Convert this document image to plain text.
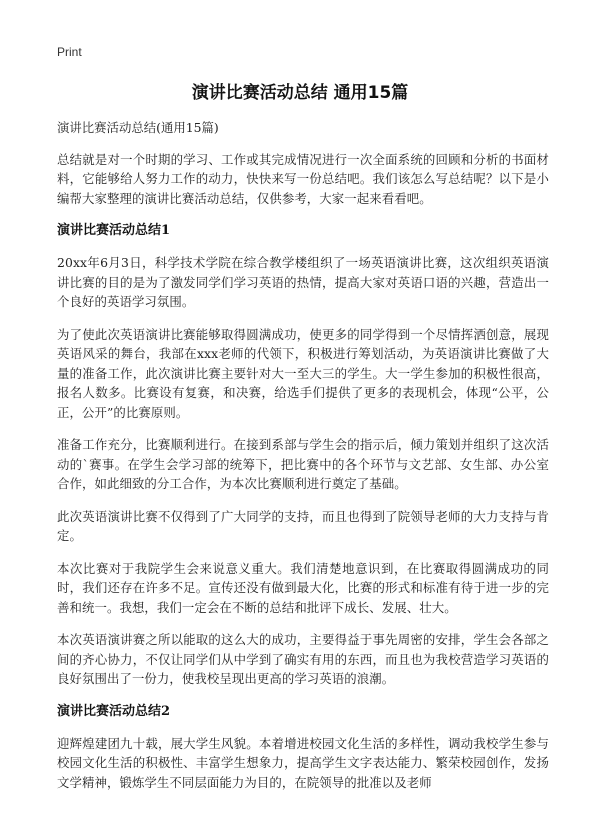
Print
演讲比赛活动总结 通用15篇

演讲比赛活动总结(通用15篇)

总结就是对一个时期的学习、工作或其完成情况进行一次全面系统的回顾和分析的书面材料，它能够给人努力工作的动力，快快来写一份总结吧。我们该怎么写总结呢？以下是小编帮大家整理的演讲比赛活动总结，仅供参考，大家一起来看看吧。

演讲比赛活动总结1

20xx年6月3日，科学技术学院在综合教学楼组织了一场英语演讲比赛，这次组织英语演讲比赛的目的是为了激发同学们学习英语的热情，提高大家对英语口语的兴趣，营造出一个良好的英语学习氛围。

为了使此次英语演讲比赛能够取得圆满成功，使更多的同学得到一个尽情挥洒创意，展现英语风采的舞台，我部在xxx老师的代领下，积极进行筹划活动，为英语演讲比赛做了大量的准备工作，此次演讲比赛主要针对大一至大三的学生。大一学生参加的积极性很高，报名人数多。比赛设有复赛，和决赛，给选手们提供了更多的表现机会，体现“公平，公正，公开”的比赛原则。

准备工作充分，比赛顺利进行。在接到系部与学生会的指示后，倾力策划并组织了这次活动的`赛事。在学生会学习部的统筹下，把比赛中的各个环节与文艺部、女生部、办公室合作，如此细致的分工合作，为本次比赛顺利进行奠定了基础。

此次英语演讲比赛不仅得到了广大同学的支持，而且也得到了院领导老师的大力支持与肯定。

本次比赛对于我院学生会来说意义重大。我们清楚地意识到，在比赛取得圆满成功的同时，我们还存在许多不足。宣传还没有做到最大化，比赛的形式和标准有待于进一步的完善和统一。我想，我们一定会在不断的总结和批评下成长、发展、壮大。

本次英语演讲赛之所以能取的这么大的成功，主要得益于事先周密的安排，学生会各部之间的齐心协力，不仅让同学们从中学到了确实有用的东西，而且也为我校营造学习英语的良好氛围出了一份力，使我校呈现出更高的学习英语的浪潮。

演讲比赛活动总结2

迎辉煌建团九十载，展大学生风貌。本着增进校园文化生活的多样性，调动我校学生参与校园文化生活的积极性、丰富学生想象力，提高学生文字表达能力、繁荣校园创作，发扬文学精神，锻炼学生不同层面能力为目的，在院领导的批准以及老师
